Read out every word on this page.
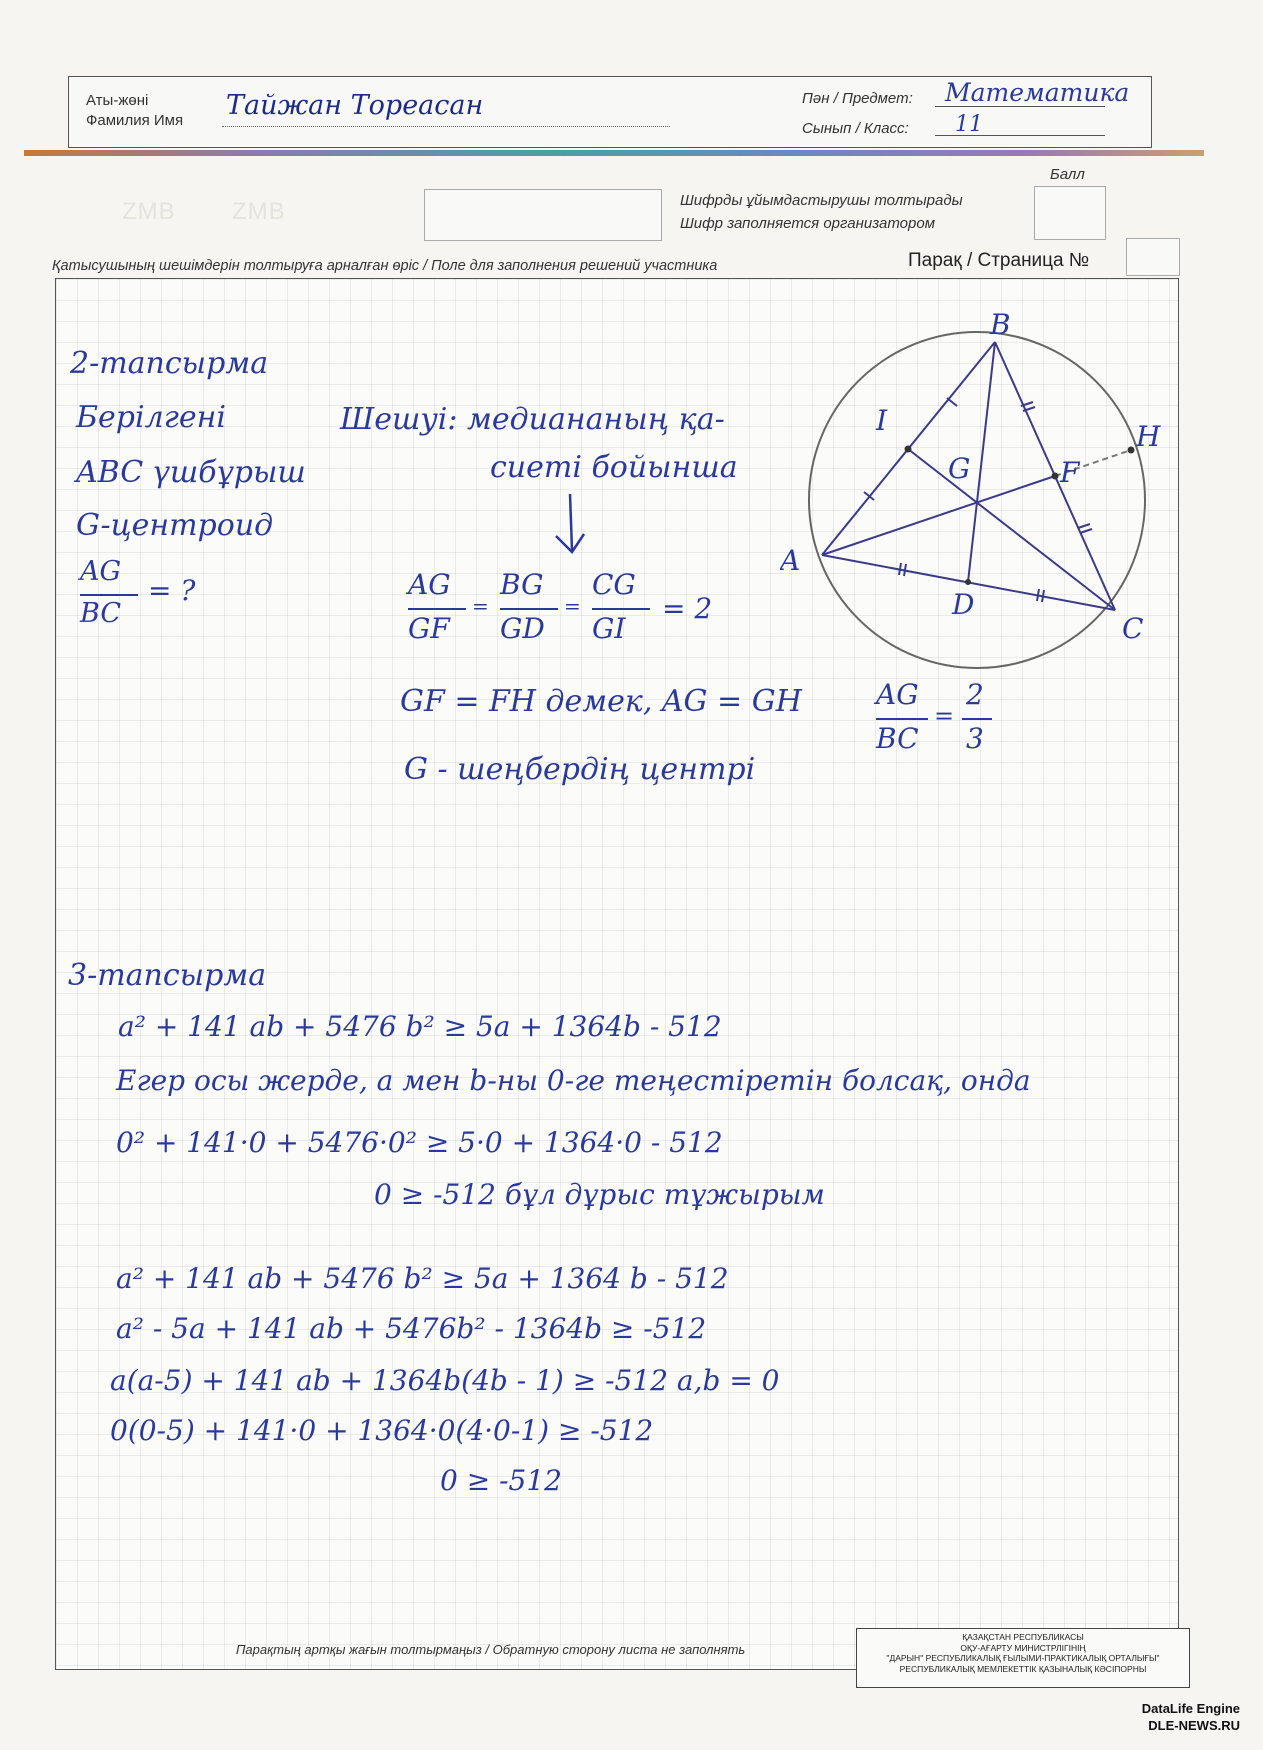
Аты-жөні
Фамилия Имя Тайжан Тореасан	Пән / Предмет: Математика
Сынып / Класс: 11
ZMB ZMB	Шифрды ұйымдастырушы толтырады
Шифр заполняется организатором
Балл
Қатысушының шешімдерін толтыруға арналған өріс / Поле для заполнения решений участника	Парақ / Страница №
2-тапсырма
Берілгені
ABC үшбұрыш
G-центроид
AG
BC
= ?
Шешуі: медиананың қа-
сиеті бойынша
AG
GF
=
BG
GD
=
CG
GI
= 2
GF = FH демек, AG = GH
G - шеңбердің центрі
AG
BC
=
2
3
A
B
C
D
F
G
H
I
3-тапсырма
a² + 141 ab + 5476 b² ≥ 5a + 1364b - 512
Егер осы жерде, a мен b-ны 0-ге теңестіретін болсақ, онда
0² + 141·0 + 5476·0² ≥ 5·0 + 1364·0 - 512
0 ≥ -512 бұл дұрыс тұжырым
a² + 141 ab + 5476 b² ≥ 5a + 1364 b - 512
a² - 5a + 141 ab + 5476b² - 1364b ≥ -512
a(a-5) + 141 ab + 1364b(4b - 1) ≥ -512 a,b = 0
0(0-5) + 141·0 + 1364·0(4·0-1) ≥ -512
0 ≥ -512
Парақтың артқы жағын толтырмаңыз / Обратную сторону листа не заполнять
ҚАЗАҚСТАН РЕСПУБЛИКАСЫ
ОҚУ-АҒАРТУ МИНИСТРЛІГІНІҢ
"ДАРЫН" РЕСПУБЛИКАЛЫҚ ҒЫЛЫМИ-ПРАКТИКАЛЫҚ ОРТАЛЫҒЫ"
РЕСПУБЛИКАЛЫҚ МЕМЛЕКЕТТІК ҚАЗЫНАЛЫҚ КӘСІПОРНЫ
DataLife Engine
DLE-NEWS.RU
